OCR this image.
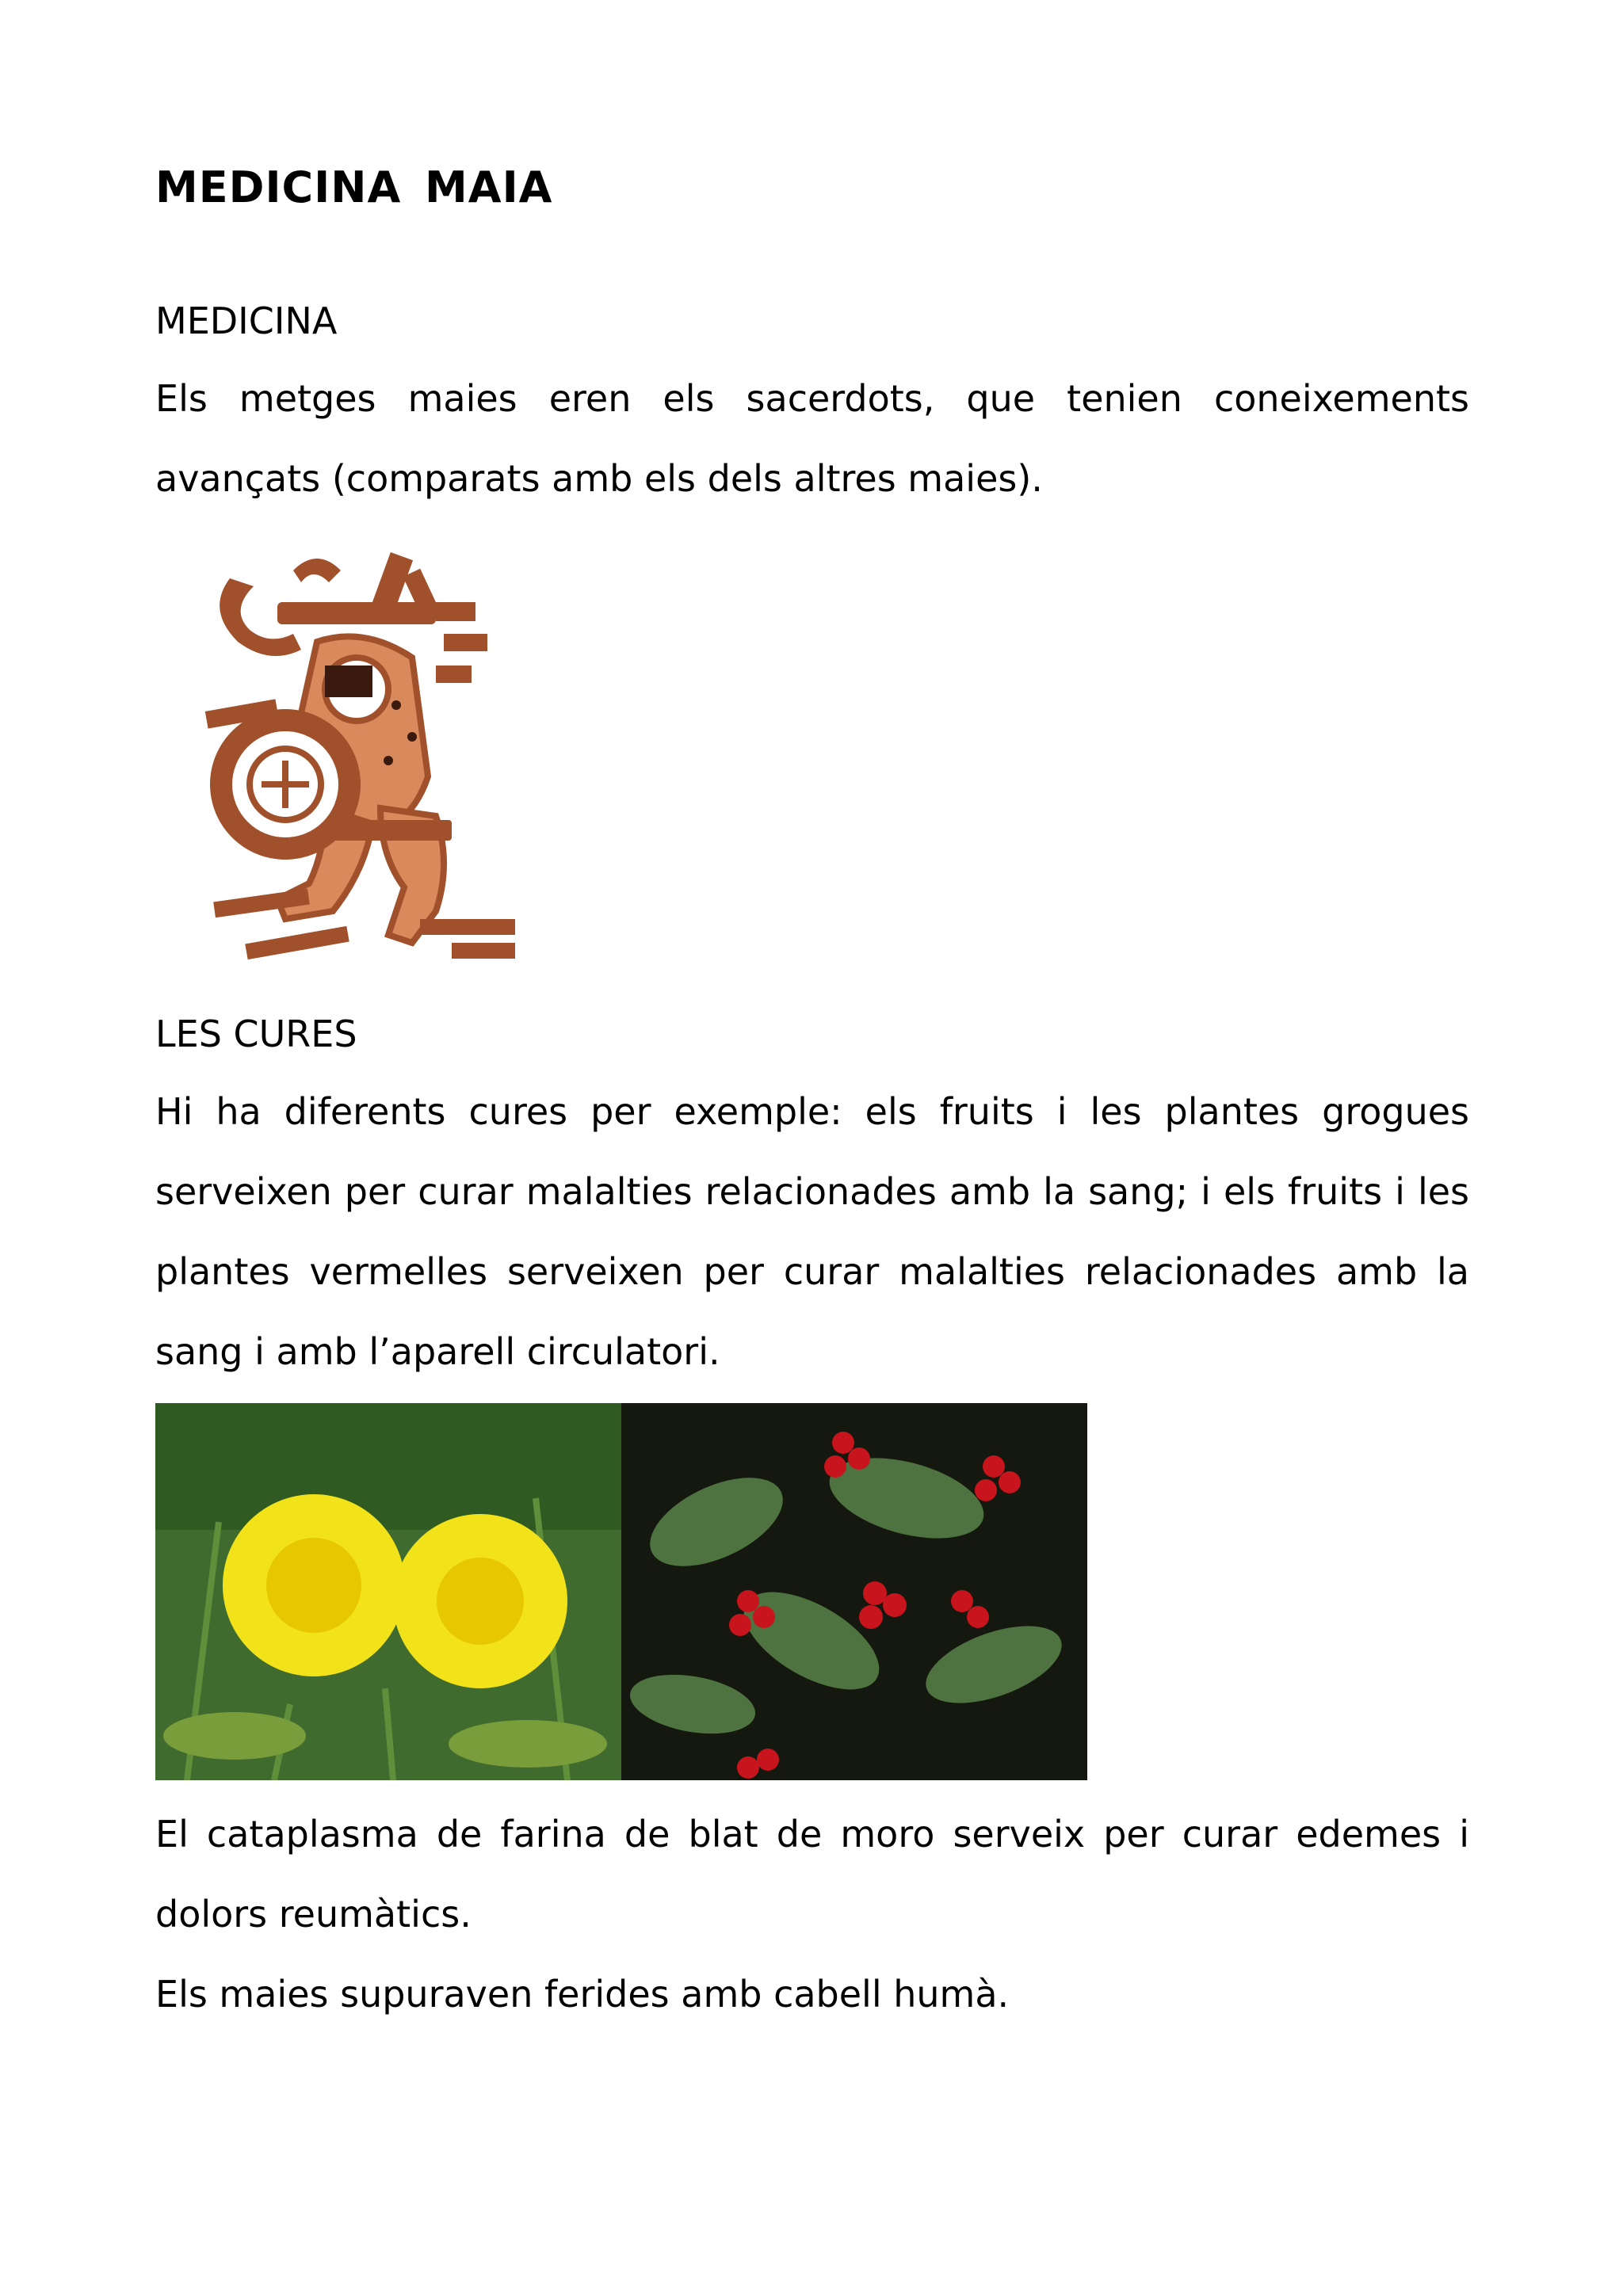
MEDICINA MAIA

MEDICINA

Els metges maies eren els sacerdots, que tenien coneixements avançats (comparats amb els dels altres maies).

LES CURES

Hi ha diferents cures per exemple: els fruits i les plantes grogues serveixen per curar malalties relacionades amb la sang; i els fruits i les plantes vermelles serveixen per curar malalties relacionades amb la sang i amb l’aparell circulatori.

El cataplasma de farina de blat de moro serveix per curar edemes i dolors reumàtics.

Els maies supuraven ferides amb cabell humà.
